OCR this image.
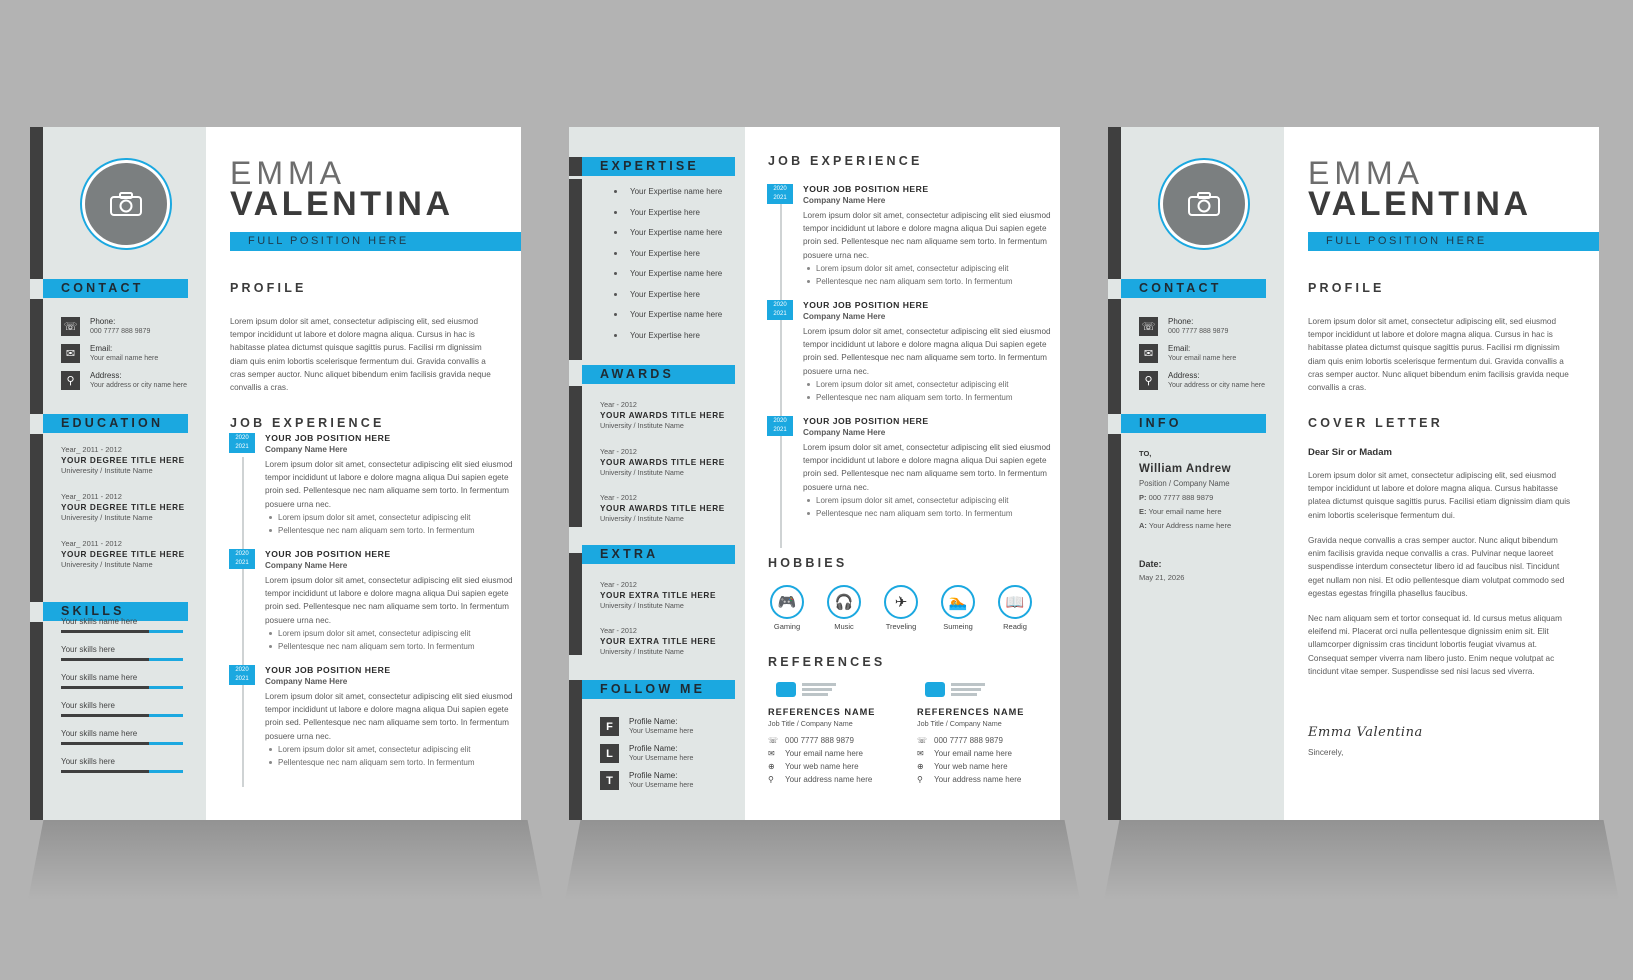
EMMA
VALENTINA
FULL POSITION HERE
CONTACT
☏	Phone:
000 7777 888 9879
✉	Email:
Your email name here
⚲	Address:
Your address or city name here
EDUCATION
Year_ 2011 - 2012
YOUR DEGREE TITLE HERE
Univeresity / Institute Name
Year_ 2011 - 2012
YOUR DEGREE TITLE HERE
Univeresity / Institute Name
Year_ 2011 - 2012
YOUR DEGREE TITLE HERE
Univeresity / Institute Name
SKILLS
Your skills name here
Your skills here
Your skills name here
Your skills here
Your skills name here
Your skills here
PROFILE
Lorem ipsum dolor sit amet, consectetur adipiscing elit, sed eiusmod tempor incididunt ut labore et dolore magna aliqua. Cursus in hac is habitasse platea dictumst quisque sagittis purus. Facilisi rm dignissim diam quis enim lobortis scelerisque fermentum dui. Gravida convallis a cras semper auctor. Nunc aliquet bibendum enim facilisis gravida neque convallis a cras.
JOB EXPERIENCE
2020
2021
YOUR JOB POSITION HERE
Company Name Here
Lorem ipsum dolor sit amet, consectetur adipiscing elit sied eiusmod tempor incididunt ut labore e dolore magna aliqua Dui sapien egete proin sed. Pellentesque nec nam aliquame sem torto. In fermentum posuere urna nec.
Lorem ipsum dolor sit amet, consectetur adipiscing elit
Pellentesque nec nam aliquam sem torto. In fermentum
2020
2021
YOUR JOB POSITION HERE
Company Name Here
Lorem ipsum dolor sit amet, consectetur adipiscing elit sied eiusmod tempor incididunt ut labore e dolore magna aliqua Dui sapien egete proin sed. Pellentesque nec nam aliquame sem torto. In fermentum posuere urna nec.
Lorem ipsum dolor sit amet, consectetur adipiscing elit
Pellentesque nec nam aliquam sem torto. In fermentum
2020
2021
YOUR JOB POSITION HERE
Company Name Here
Lorem ipsum dolor sit amet, consectetur adipiscing elit sied eiusmod tempor incididunt ut labore e dolore magna aliqua Dui sapien egete proin sed. Pellentesque nec nam aliquame sem torto. In fermentum posuere urna nec.
Lorem ipsum dolor sit amet, consectetur adipiscing elit
Pellentesque nec nam aliquam sem torto. In fermentum
EXPERTISE
Your Expertise name here
Your Expertise here
Your Expertise name here
Your Expertise here
Your Expertise name here
Your Expertise here
Your Expertise name here
Your Expertise here
AWARDS
Year - 2012
YOUR AWARDS TITLE HERE
University / Institute Name
Year - 2012
YOUR AWARDS TITLE HERE
University / Institute Name
Year - 2012
YOUR AWARDS TITLE HERE
University / Institute Name
EXTRA
Year - 2012
YOUR EXTRA TITLE HERE
University / Institute Name
Year - 2012
YOUR EXTRA TITLE HERE
University / Institute Name
FOLLOW ME
F	Profile Name:
Your Username here
L	Profile Name:
Your Username here
T	Profile Name:
Your Username here
JOB EXPERIENCE
2020
2021
YOUR JOB POSITION HERE
Company Name Here
Lorem ipsum dolor sit amet, consectetur adipiscing elit sied eiusmod tempor incididunt ut labore e dolore magna aliqua Dui sapien egete proin sed. Pellentesque nec nam aliquame sem torto. In fermentum posuere urna nec.
Lorem ipsum dolor sit amet, consectetur adipiscing elit
Pellentesque nec nam aliquam sem torto. In fermentum
2020
2021
YOUR JOB POSITION HERE
Company Name Here
Lorem ipsum dolor sit amet, consectetur adipiscing elit sied eiusmod tempor incididunt ut labore e dolore magna aliqua Dui sapien egete proin sed. Pellentesque nec nam aliquame sem torto. In fermentum posuere urna nec.
Lorem ipsum dolor sit amet, consectetur adipiscing elit
Pellentesque nec nam aliquam sem torto. In fermentum
2020
2021
YOUR JOB POSITION HERE
Company Name Here
Lorem ipsum dolor sit amet, consectetur adipiscing elit sied eiusmod tempor incididunt ut labore e dolore magna aliqua Dui sapien egete proin sed. Pellentesque nec nam aliquame sem torto. In fermentum posuere urna nec.
Lorem ipsum dolor sit amet, consectetur adipiscing elit
Pellentesque nec nam aliquam sem torto. In fermentum
HOBBIES
🎮
Gaming
🎧
Music
✈
Treveling
🏊
Sumeing
📖
Readig
REFERENCES
REFERENCES NAME
Job Title / Company Name
☏ 000 7777 888 9879
✉ Your email name here
⊕ Your web name here
⚲ Your address name here
REFERENCES NAME
Job Title / Company Name
☏ 000 7777 888 9879
✉ Your email name here
⊕ Your web name here
⚲ Your address name here
EMMA
VALENTINA
FULL POSITION HERE
CONTACT
☏	Phone:
000 7777 888 9879
✉	Email:
Your email name here
⚲	Address:
Your address or city name here
INFO
TO,
William Andrew
Position / Company Name
P: 000 7777 888 9879
E: Your email name here
A: Your Address name here
Date:
May 21, 2026
PROFILE
Lorem ipsum dolor sit amet, consectetur adipiscing elit, sed eiusmod tempor incididunt ut labore et dolore magna aliqua. Cursus in hac is habitasse platea dictumst quisque sagittis purus. Facilisi rm dignissim diam quis enim lobortis scelerisque fermentum dui. Gravida convallis a cras semper auctor. Nunc aliquet bibendum enim facilisis gravida neque convallis a cras.
COVER LETTER
Dear Sir or Madam
Lorem ipsum dolor sit amet, consectetur adipiscing elit, sed eiusmod tempor incididunt ut labore et dolore magna aliqua. Cursus habitasse platea dictumst quisque sagittis purus. Facilisi etiam dignissim diam quis enim lobortis scelerisque fermentum dui.
Gravida neque convallis a cras semper auctor. Nunc aliqut bibendum enim facilisis gravida neque convallis a cras. Pulvinar neque laoreet suspendisse interdum consectetur libero id ad faucibus nisl. Tincidunt eget nullam non nisi. Et odio pellentesque diam volutpat commodo sed egestas egestas fringilla phasellus faucibus.
Nec nam aliquam sem et tortor consequat id. Id cursus metus aliquam eleifend mi. Placerat orci nulla pellentesque dignissim enim sit. Elit ullamcorper dignissim cras tincidunt lobortis feugiat vivamus at. Consequat semper viverra nam libero justo. Enim neque volutpat ac tincidunt vitae semper. Suspendisse sed nisi lacus sed viverra.
Emma Valentina
Sincerely,
